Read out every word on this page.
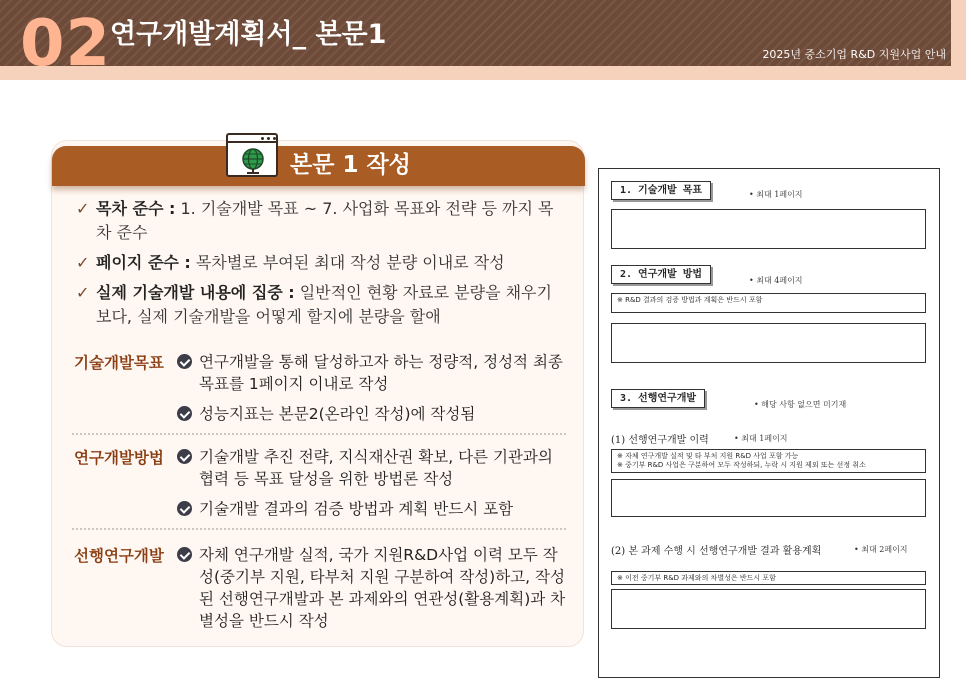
02
연구개발계획서_ 본문1
2025년 중소기업 R&D 지원사업 안내
본문 1 작성
✓ 목차 준수 : 1. 기술개발 목표 ~ 7. 사업화 목표와 전략 등 까지 목차 준수
✓ 페이지 준수 : 목차별로 부여된 최대 작성 분량 이내로 작성
✓ 실제 기술개발 내용에 집중 : 일반적인 현황 자료로 분량을 채우기 보다, 실제 기술개발을 어떻게 할지에 분량을 할애
기술개발목표	연구개발을 통해 달성하고자 하는 정량적, 정성적 최종 목표를 1페이지 이내로 작성
성능지표는 본문2(온라인 작성)에 작성됨
연구개발방법	기술개발 추진 전략, 지식재산권 확보, 다른 기관과의 협력 등 목표 달성을 위한 방법론 작성
기술개발 결과의 검증 방법과 계획 반드시 포함
선행연구개발	자체 연구개발 실적, 국가 지원R&D사업 이력 모두 작성(중기부 지원, 타부처 지원 구분하여 작성)하고, 작성된 선행연구개발과 본 과제와의 연관성(활용계획)과 차별성을 반드시 작성
1. 기술개발 목표	• 최대 1페이지
2. 연구개발 방법
• 최대 4페이지
※ R&D 결과의 검증 방법과 계획은 반드시 포함
3. 선행연구개발
• 해당 사항 없으면 미기재
(1) 선행연구개발 이력	• 최대 1페이지
※ 자체 연구개발 실적 및 타 부처 지원 R&D 사업 포함 가능
※ 중기부 R&D 사업은 구분하여 모두 작성하되, 누락 시 지원 제외 또는 선정 취소
(2) 본 과제 수행 시 선행연구개발 결과 활용계획	• 최대 2페이지
※ 이전 중기부 R&D 과제와의 차별성은 반드시 포함
